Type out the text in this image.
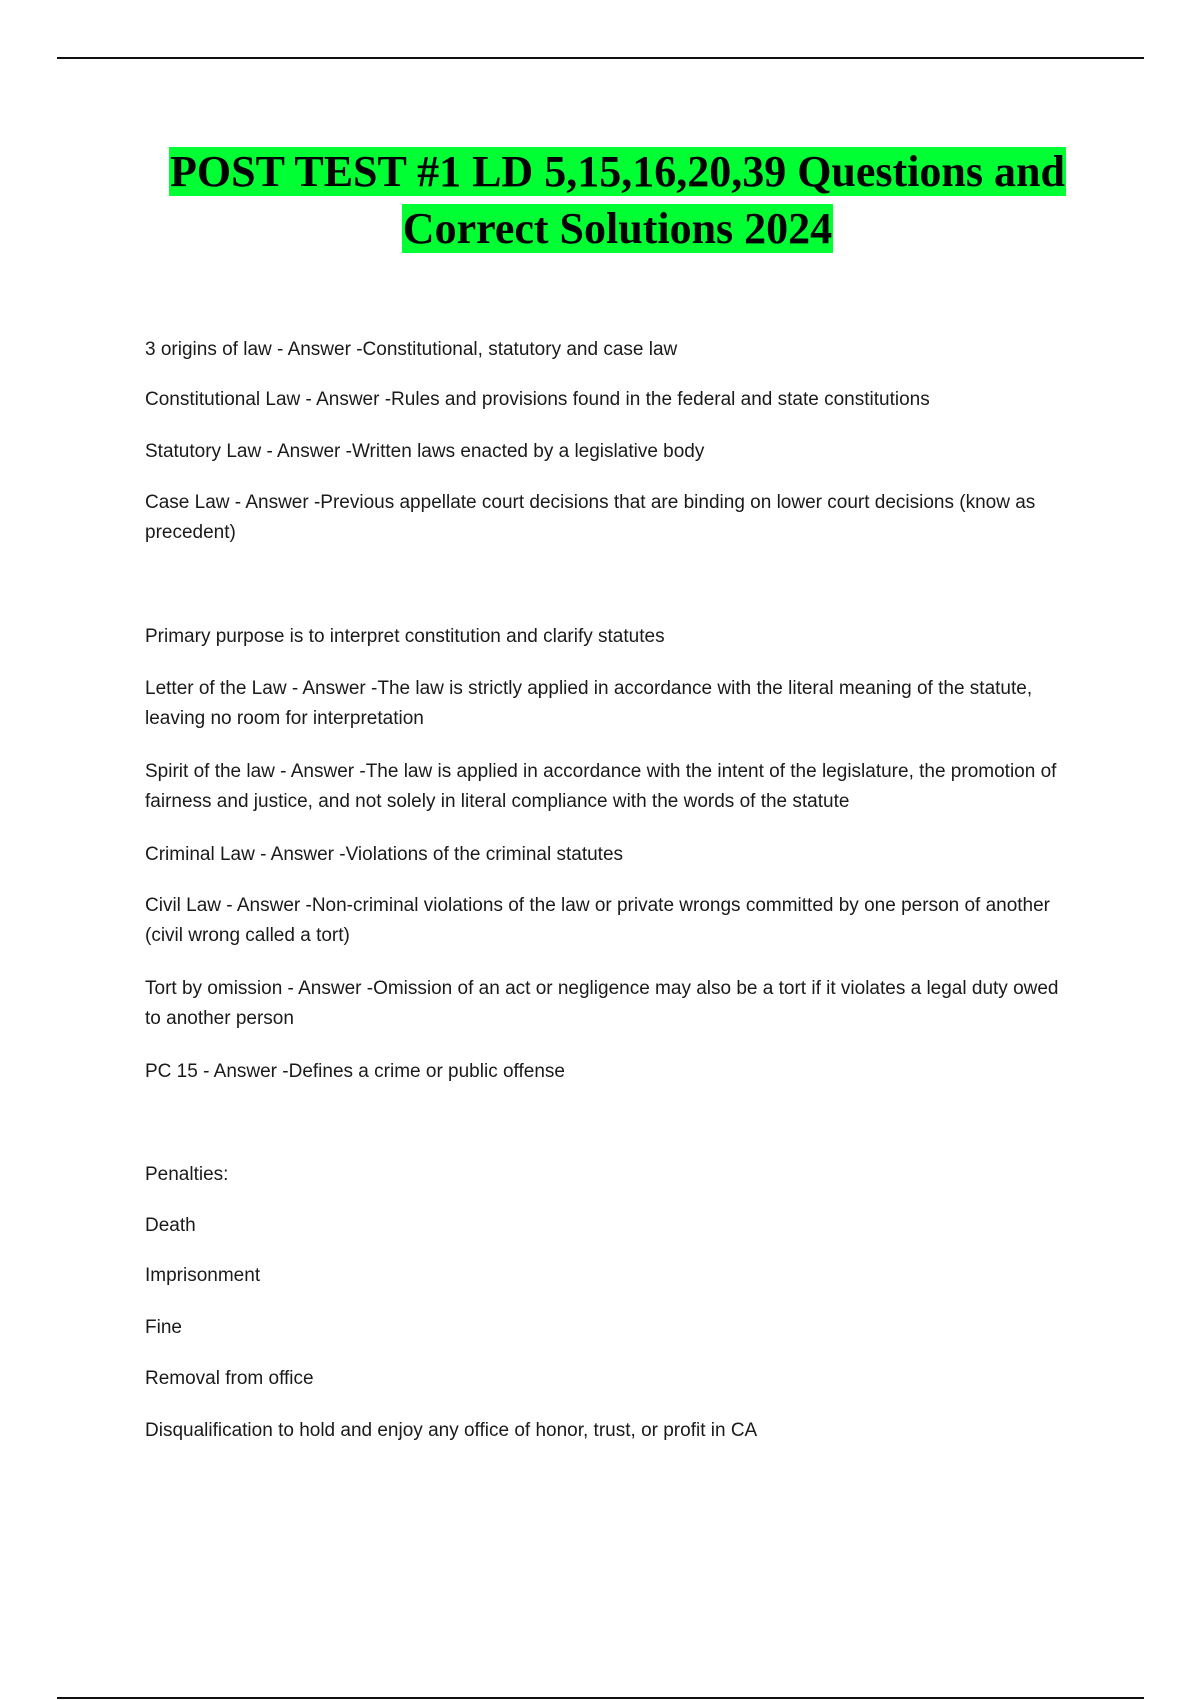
POST TEST #1 LD 5,15,16,20,39 Questions and Correct Solutions 2024

3 origins of law - Answer -Constitutional, statutory and case law

Constitutional Law - Answer -Rules and provisions found in the federal and state constitutions

Statutory Law - Answer -Written laws enacted by a legislative body

Case Law - Answer -Previous appellate court decisions that are binding on lower court decisions (know as precedent)

Primary purpose is to interpret constitution and clarify statutes

Letter of the Law - Answer -The law is strictly applied in accordance with the literal meaning of the statute, leaving no room for interpretation

Spirit of the law - Answer -The law is applied in accordance with the intent of the legislature, the promotion of fairness and justice, and not solely in literal compliance with the words of the statute

Criminal Law - Answer -Violations of the criminal statutes

Civil Law - Answer -Non-criminal violations of the law or private wrongs committed by one person of another (civil wrong called a tort)

Tort by omission - Answer -Omission of an act or negligence may also be a tort if it violates a legal duty owed to another person

PC 15 - Answer -Defines a crime or public offense

Penalties:

Death

Imprisonment

Fine

Removal from office

Disqualification to hold and enjoy any office of honor, trust, or profit in CA
